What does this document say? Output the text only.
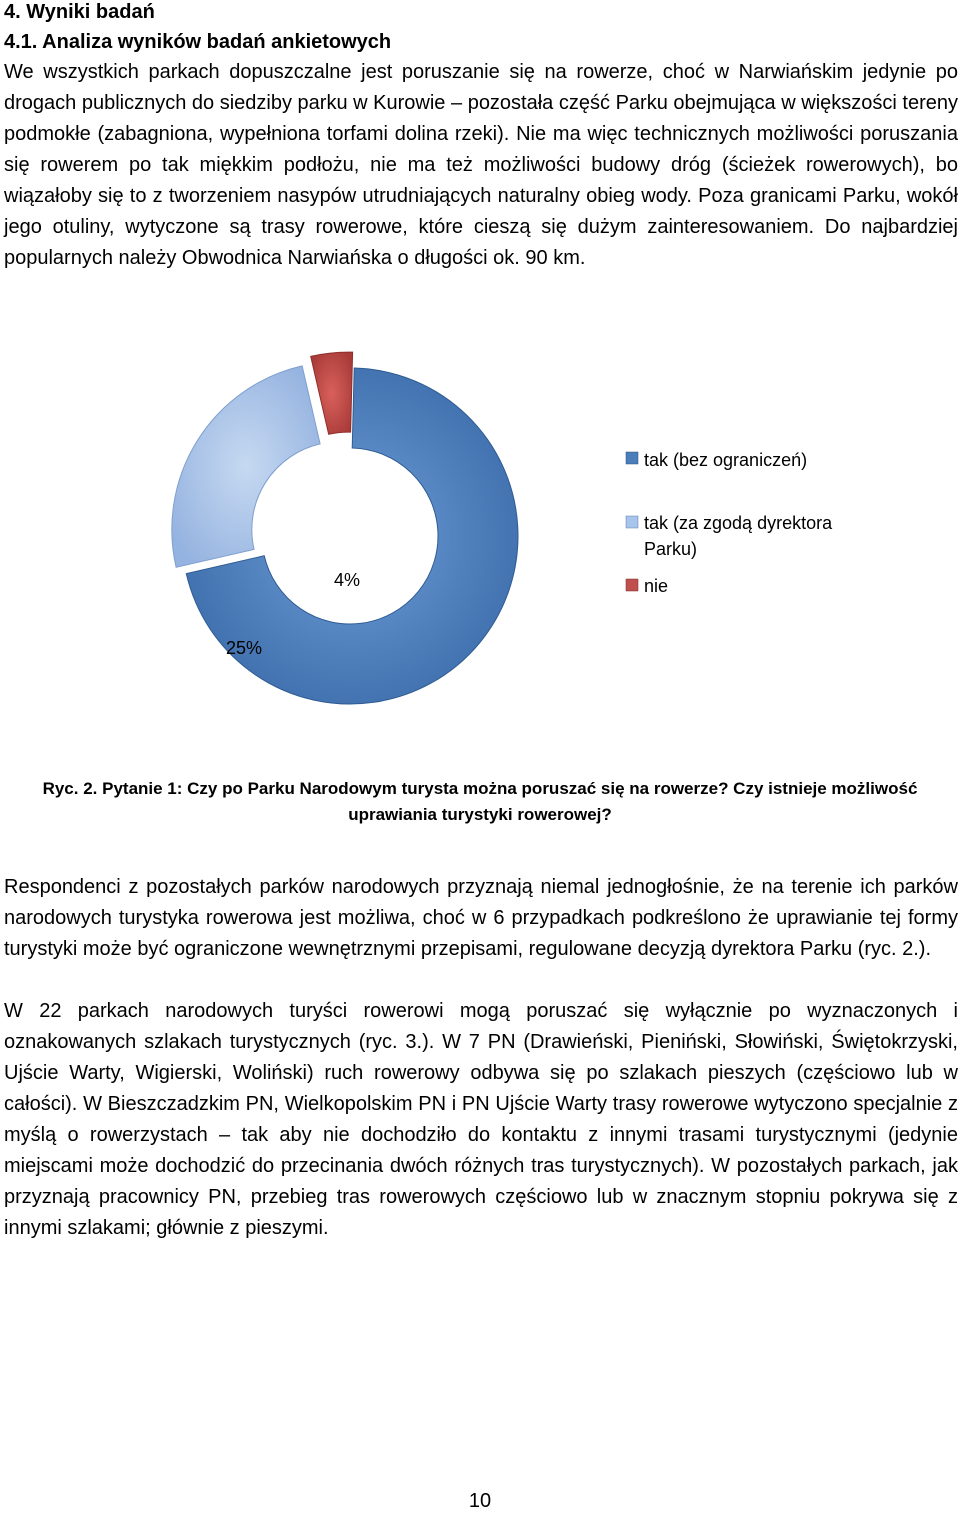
4. Wyniki badań

4.1. Analiza wyników badań ankietowych

We wszystkich parkach dopuszczalne jest poruszanie się na rowerze, choć w Narwiańskim jedynie po drogach publicznych do siedziby parku w Kurowie – pozostała część Parku obejmująca w większości tereny podmokłe (zabagniona, wypełniona torfami dolina rzeki). Nie ma więc technicznych możliwości poruszania się rowerem po tak miękkim podłożu, nie ma też możliwości budowy dróg (ścieżek rowerowych), bo wiązałoby się to z tworzeniem nasypów utrudniających naturalny obieg wody. Poza granicami Parku, wokół jego otuliny, wytyczone są trasy rowerowe, które cieszą się dużym zainteresowaniem. Do najbardziej popularnych należy Obwodnica Narwiańska o długości ok. 90 km.

25%
4%
tak (bez ograniczeń)
tak (za zgodą dyrektora
Parku)
nie
Ryc. 2. Pytanie 1: Czy po Parku Narodowym turysta można poruszać się na rowerze? Czy istnieje możliwość uprawiania turystyki rowerowej?

Respondenci z pozostałych parków narodowych przyznają niemal jednogłośnie, że na terenie ich parków narodowych turystyka rowerowa jest możliwa, choć w 6 przypadkach podkreślono że uprawianie tej formy turystyki może być ograniczone wewnętrznymi przepisami, regulowane decyzją dyrektora Parku (ryc. 2.).

W 22 parkach narodowych turyści rowerowi mogą poruszać się wyłącznie po wyznaczonych i oznakowanych szlakach turystycznych (ryc. 3.). W 7 PN (Drawieński, Pieniński, Słowiński, Świętokrzyski, Ujście Warty, Wigierski, Woliński) ruch rowerowy odbywa się po szlakach pieszych (częściowo lub w całości). W Bieszczadzkim PN, Wielkopolskim PN i PN Ujście Warty trasy rowerowe wytyczono specjalnie z myślą o rowerzystach – tak aby nie dochodziło do kontaktu z innymi trasami turystycznymi (jedynie miejscami może dochodzić do przecinania dwóch różnych tras turystycznych). W pozostałych parkach, jak przyznają pracownicy PN, przebieg tras rowerowych częściowo lub w znacznym stopniu pokrywa się z innymi szlakami; głównie z pieszymi.

10
